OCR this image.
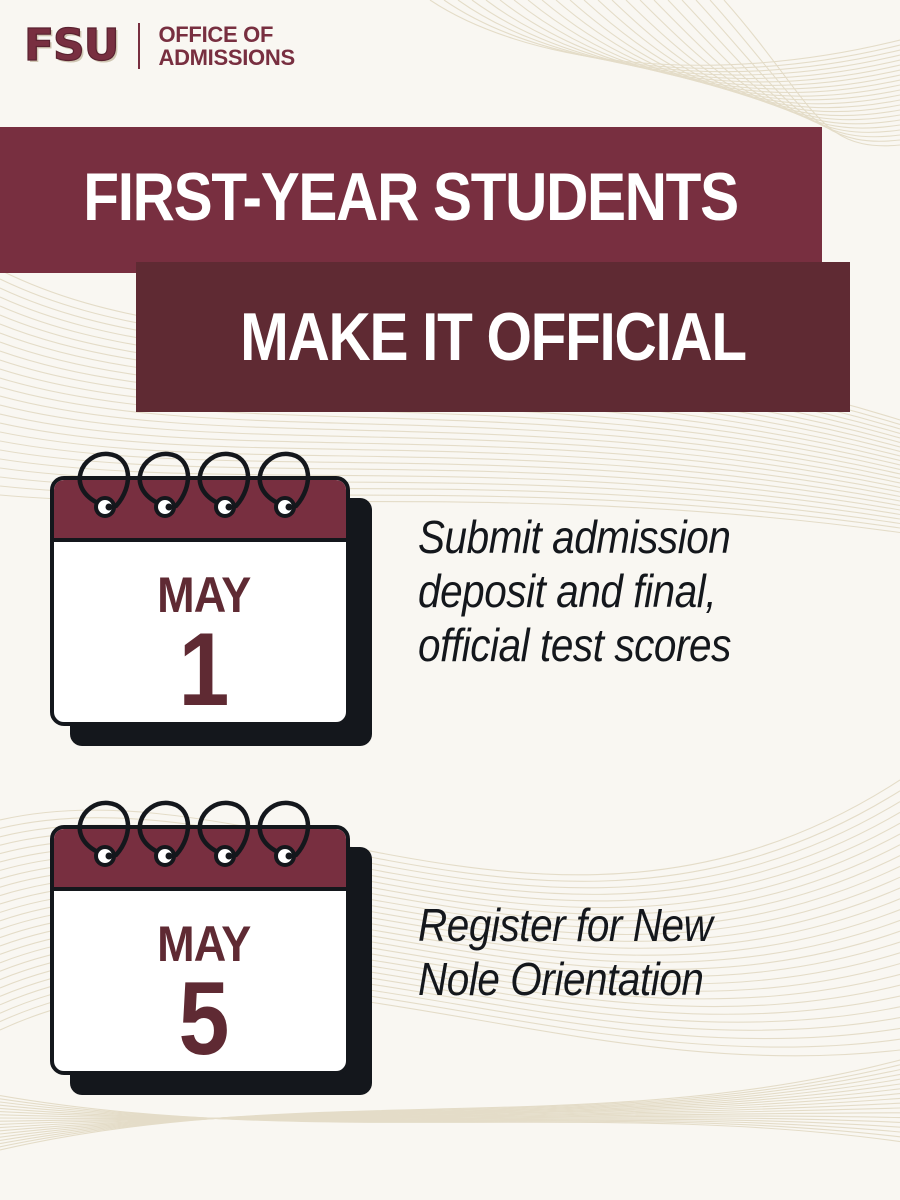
FSU OFFICE OF
ADMISSIONS
FIRST-YEAR STUDENTS
MAKE IT OFFICIAL
MAY
1
Submit admission
deposit and final,
official test scores
MAY
5
Register for New
Nole Orientation
